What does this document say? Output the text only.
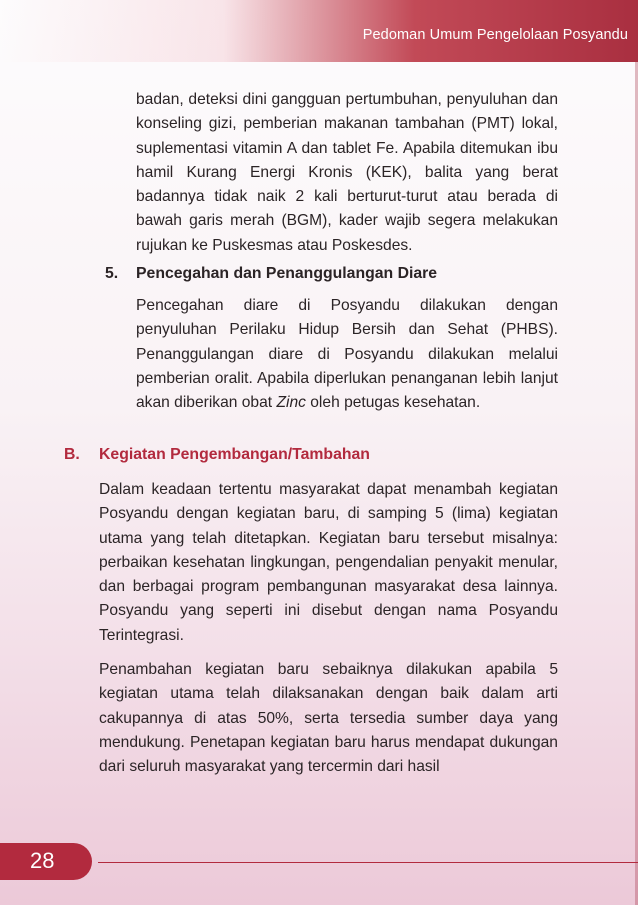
Pedoman Umum Pengelolaan Posyandu

badan, deteksi dini gangguan pertumbuhan, penyuluhan dan konseling gizi, pemberian makanan tambahan (PMT) lokal, suplementasi vitamin A dan tablet Fe. Apabila ditemukan ibu hamil Kurang Energi Kronis (KEK), balita yang berat badannya tidak naik 2 kali berturut-turut atau berada di bawah garis merah (BGM), kader wajib segera melakukan rujukan ke Puskesmas atau Poskesdes.

5. Pencegahan dan Penanggulangan Diare

Pencegahan diare di Posyandu dilakukan dengan penyuluhan Perilaku Hidup Bersih dan Sehat (PHBS). Penanggulangan diare di Posyandu dilakukan melalui pemberian oralit. Apabila diperlukan penanganan lebih lanjut akan diberikan obat Zinc oleh petugas kesehatan.

B. Kegiatan Pengembangan/Tambahan

Dalam keadaan tertentu masyarakat dapat menambah kegiatan Posyandu dengan kegiatan baru, di samping 5 (lima) kegiatan utama yang telah ditetapkan. Kegiatan baru tersebut misalnya: perbaikan kesehatan lingkungan, pengendalian penyakit menular, dan berbagai program pembangunan masyarakat desa lainnya. Posyandu yang seperti ini disebut dengan nama Posyandu Terintegrasi.

Penambahan kegiatan baru sebaiknya dilakukan apabila 5 kegiatan utama telah dilaksanakan dengan baik dalam arti cakupannya di atas 50%, serta tersedia sumber daya yang mendukung. Penetapan kegiatan baru harus mendapat dukungan dari seluruh masyarakat yang tercermin dari hasil

28
